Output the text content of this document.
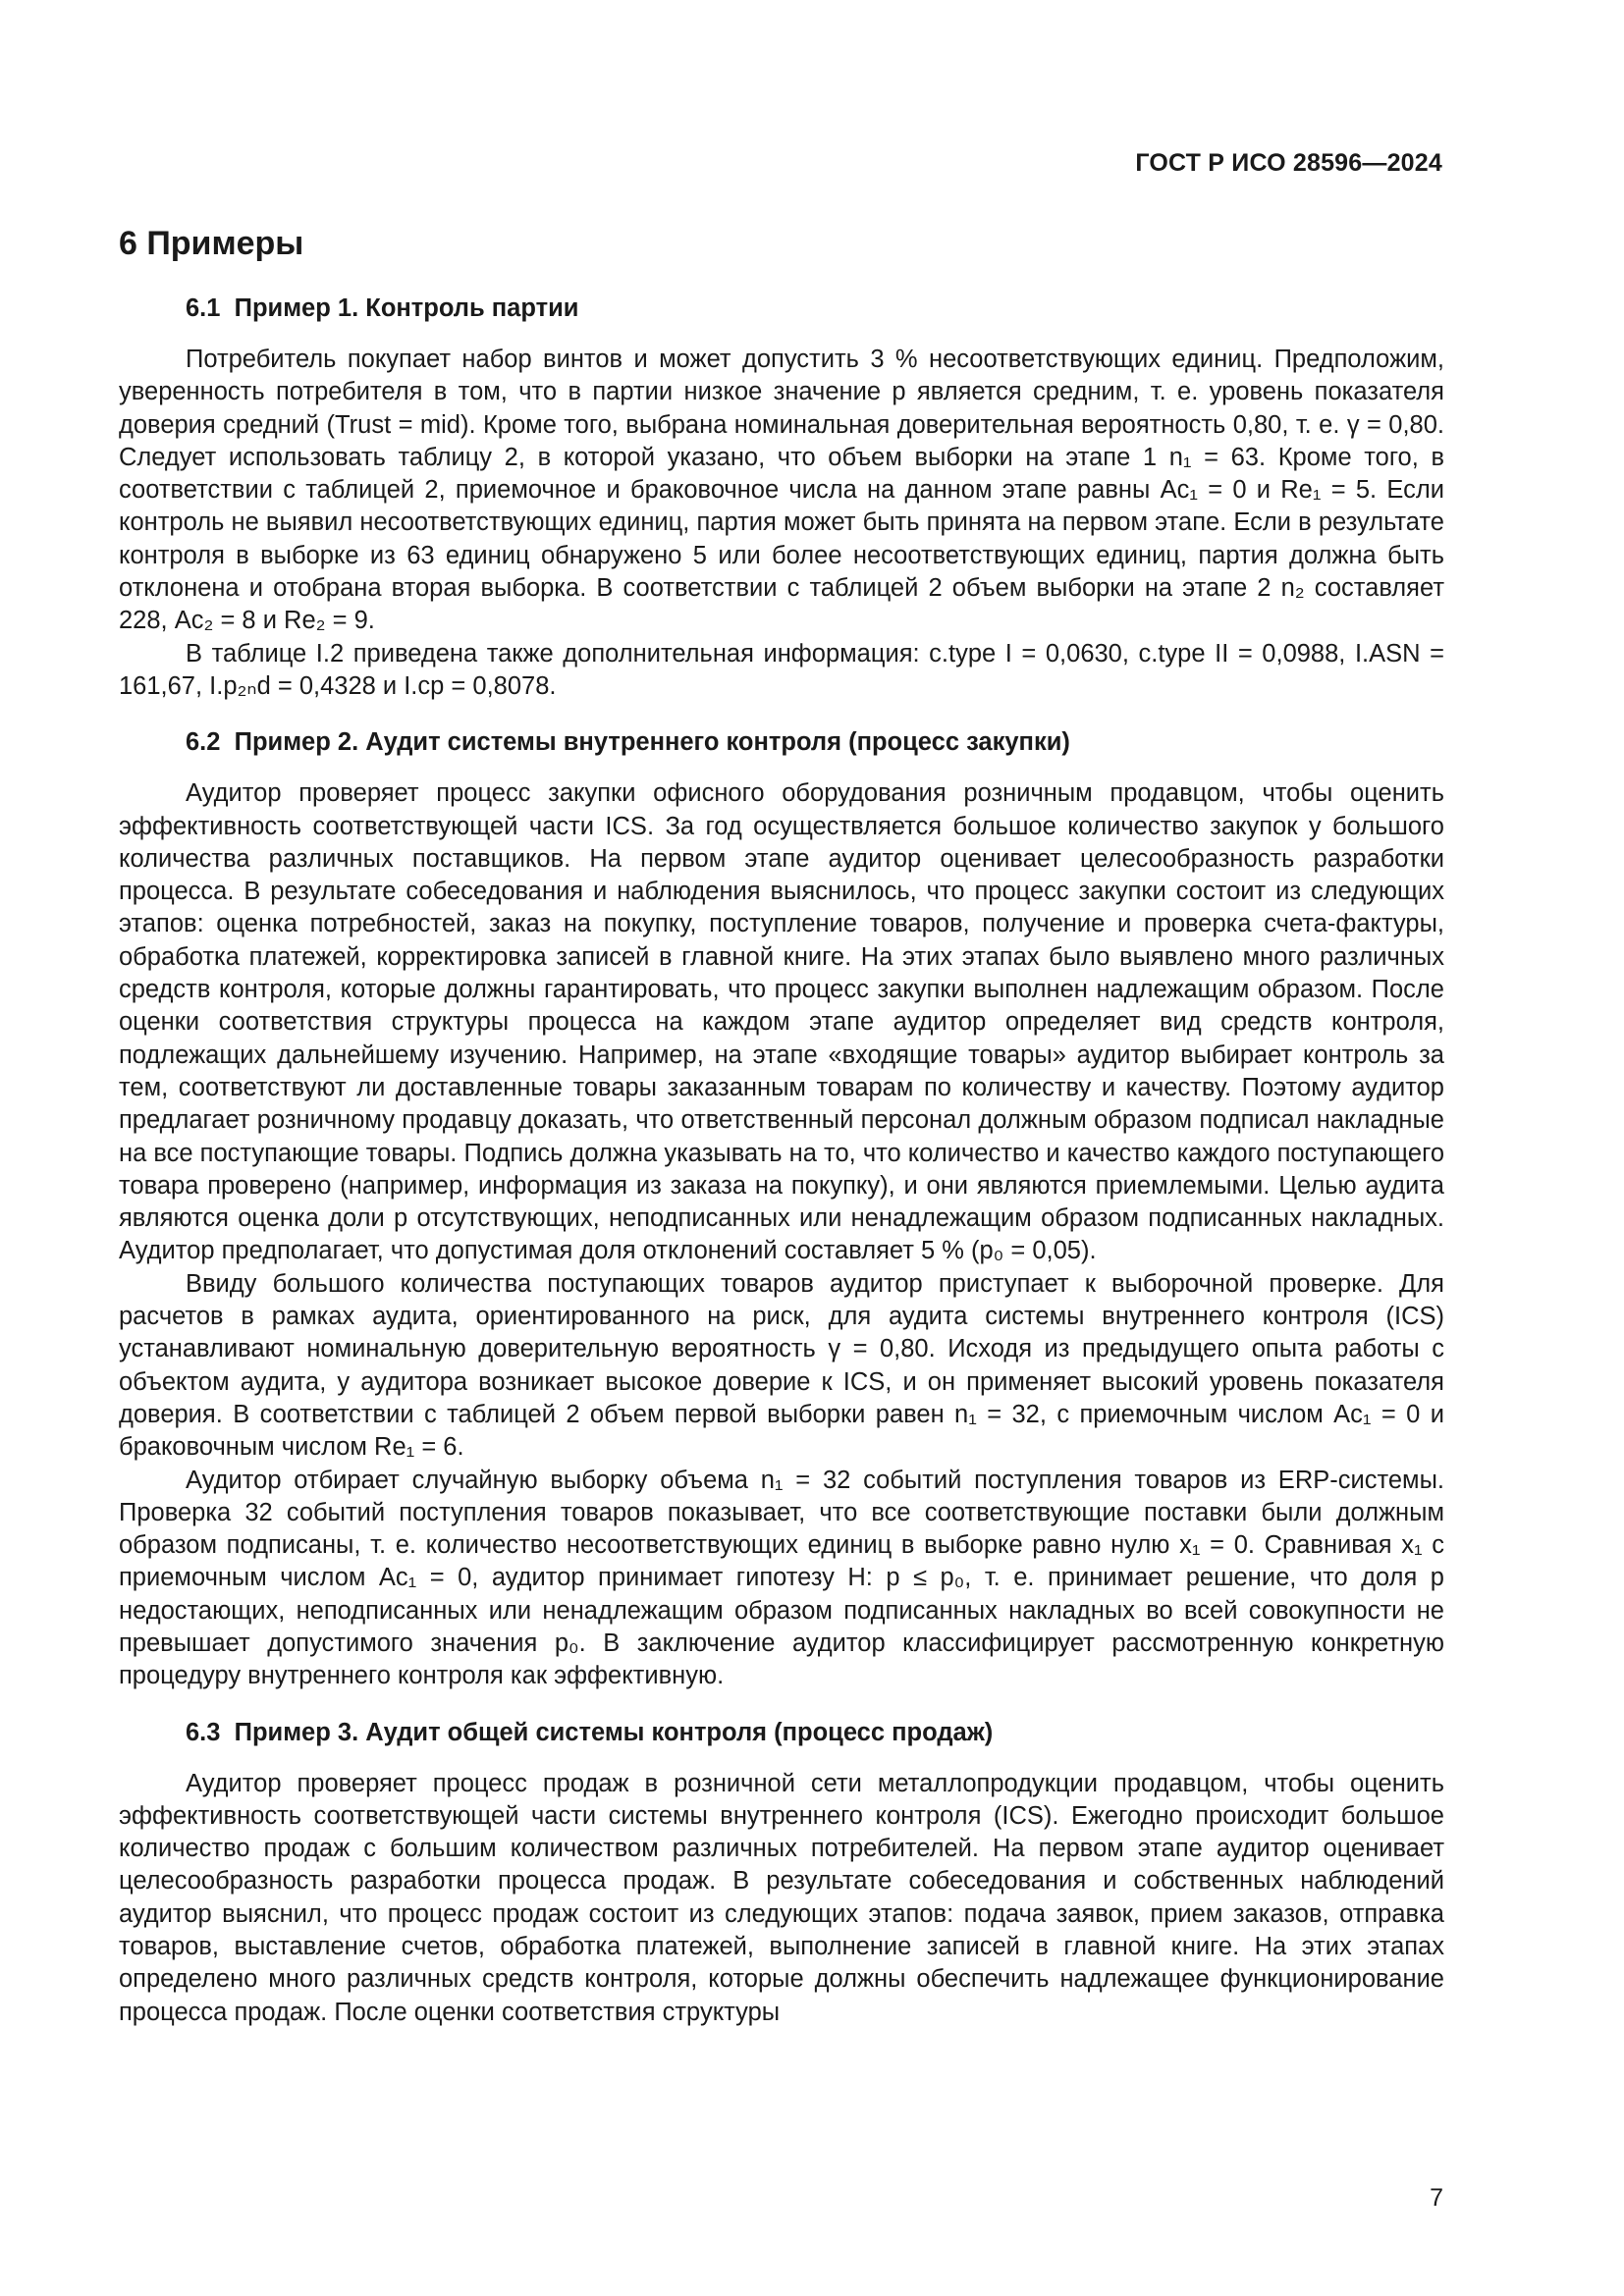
ГОСТ Р ИСО 28596—2024
6 Примеры
6.1  Пример 1. Контроль партии

Потребитель покупает набор винтов и может допустить 3 % несоответствующих единиц. Предположим, уверенность потребителя в том, что в партии низкое значение p является средним, т. е. уровень показателя доверия средний (Trust = mid). Кроме того, выбрана номинальная доверительная вероятность 0,80, т. е. γ = 0,80. Следует использовать таблицу 2, в которой указано, что объем выборки на этапе 1 n₁ = 63. Кроме того, в соответствии с таблицей 2, приемочное и браковочное числа на данном этапе равны Ac₁ = 0 и Re₁ = 5. Если контроль не выявил несоответствующих единиц, партия может быть принята на первом этапе. Если в результате контроля в выборке из 63 единиц обнаружено 5 или более несоответствующих единиц, партия должна быть отклонена и отобрана вторая выборка. В соответствии с таблицей 2 объем выборки на этапе 2 n₂ составляет 228, Ac₂ = 8 и Re₂ = 9.

В таблице I.2 приведена также дополнительная информация: c.type I = 0,0630, c.type II = 0,0988, I.ASN = 161,67, I.p₂ₙd = 0,4328 и I.cp = 0,8078.

6.2  Пример 2. Аудит системы внутреннего контроля (процесс закупки)

Аудитор проверяет процесс закупки офисного оборудования розничным продавцом, чтобы оценить эффективность соответствующей части ICS. За год осуществляется большое количество закупок у большого количества различных поставщиков. На первом этапе аудитор оценивает целесообразность разработки процесса. В результате собеседования и наблюдения выяснилось, что процесс закупки состоит из следующих этапов: оценка потребностей, заказ на покупку, поступление товаров, получение и проверка счета-фактуры, обработка платежей, корректировка записей в главной книге. На этих этапах было выявлено много различных средств контроля, которые должны гарантировать, что процесс закупки выполнен надлежащим образом. После оценки соответствия структуры процесса на каждом этапе аудитор определяет вид средств контроля, подлежащих дальнейшему изучению. Например, на этапе «входящие товары» аудитор выбирает контроль за тем, соответствуют ли доставленные товары заказанным товарам по количеству и качеству. Поэтому аудитор предлагает розничному продавцу доказать, что ответственный персонал должным образом подписал накладные на все поступающие товары. Подпись должна указывать на то, что количество и качество каждого поступающего товара проверено (например, информация из заказа на покупку), и они являются приемлемыми. Целью аудита являются оценка доли p отсутствующих, неподписанных или ненадлежащим образом подписанных накладных. Аудитор предполагает, что допустимая доля отклонений составляет 5 % (p₀ = 0,05).

Ввиду большого количества поступающих товаров аудитор приступает к выборочной проверке. Для расчетов в рамках аудита, ориентированного на риск, для аудита системы внутреннего контроля (ICS) устанавливают номинальную доверительную вероятность γ = 0,80. Исходя из предыдущего опыта работы с объектом аудита, у аудитора возникает высокое доверие к ICS, и он применяет высокий уровень показателя доверия. В соответствии с таблицей 2 объем первой выборки равен n₁ = 32, с приемочным числом Ac₁ = 0 и браковочным числом Re₁ = 6.

Аудитор отбирает случайную выборку объема n₁ = 32 событий поступления товаров из ERP-системы. Проверка 32 событий поступления товаров показывает, что все соответствующие поставки были должным образом подписаны, т. е. количество несоответствующих единиц в выборке равно нулю x₁ = 0. Сравнивая x₁ с приемочным числом Ac₁ = 0, аудитор принимает гипотезу H: p ≤ p₀, т. е. принимает решение, что доля p недостающих, неподписанных или ненадлежащим образом подписанных накладных во всей совокупности не превышает допустимого значения p₀. В заключение аудитор классифицирует рассмотренную конкретную процедуру внутреннего контроля как эффективную.

6.3  Пример 3. Аудит общей системы контроля (процесс продаж)

Аудитор проверяет процесс продаж в розничной сети металлопродукции продавцом, чтобы оценить эффективность соответствующей части системы внутреннего контроля (ICS). Ежегодно происходит большое количество продаж с большим количеством различных потребителей. На первом этапе аудитор оценивает целесообразность разработки процесса продаж. В результате собеседования и собственных наблюдений аудитор выяснил, что процесс продаж состоит из следующих этапов: подача заявок, прием заказов, отправка товаров, выставление счетов, обработка платежей, выполнение записей в главной книге. На этих этапах определено много различных средств контроля, которые должны обеспечить надлежащее функционирование процесса продаж. После оценки соответствия структуры

7
